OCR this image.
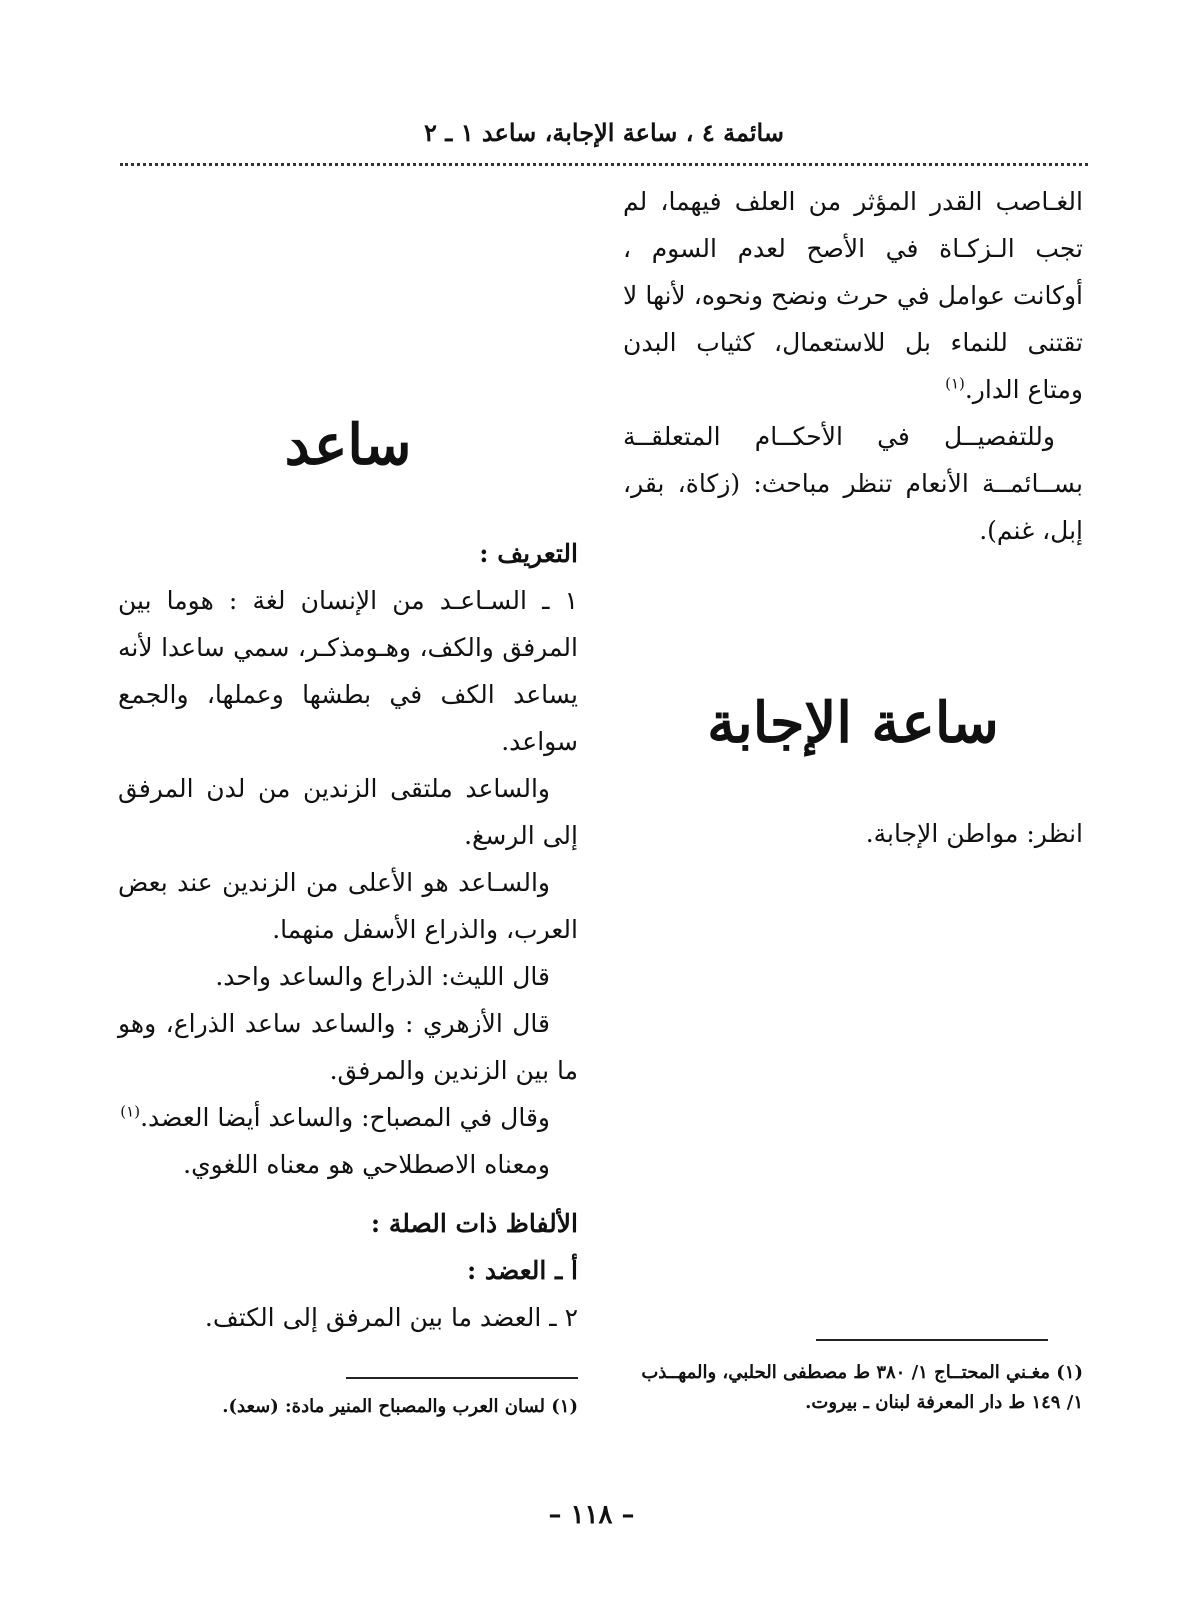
سائمة ٤ ، ساعة الإجابة، ساعد ١ ـ ٢

الغـاصب القدر المؤثر من العلف فيهما، لم تجب الـزكـاة في الأصح لعدم السوم ، أوكانت عوامل في حرث ونضح ونحوه، لأنها لا تقتنى للنماء بل للاستعمال، كثياب البدن ومتاع الدار.$^{(١)}$

وللتفصيــل في الأحكــام المتعلقــة بســائمــة الأنعام تنظر مباحث: (زكاة، بقر، إبل، غنم).

ساعة الإجابة
انظر: مواطن الإجابة.
(١) مغـني المحتــاج ١/ ٣٨٠ ط مصطفى الحلبي، والمهــذب ١/ ١٤٩ ط دار المعرفة لبنان ـ بيروت.
ساعد

التعريف :

١ ـ السـاعـد من الإنسان لغة : هوما بين المرفق والكف، وهـومذكـر، سمي ساعدا لأنه يساعد الكف في بطشها وعملها، والجمع سواعد.

والساعد ملتقى الزندين من لدن المرفق إلى الرسغ.

والسـاعد هو الأعلى من الزندين عند بعض العرب، والذراع الأسفل منهما.

قال الليث: الذراع والساعد واحد.

قال الأزهري : والساعد ساعد الذراع، وهو ما بين الزندين والمرفق.

وقال في المصباح: والساعد أيضا العضد.$^{(١)}$

ومعناه الاصطلاحي هو معناه اللغوي.

الألفاظ ذات الصلة :

أ ـ العضد :

٢ ـ العضد ما بين المرفق إلى الكتف.

(١) لسان العرب والمصباح المنير مادة: (سعد).
– ١١٨ –
